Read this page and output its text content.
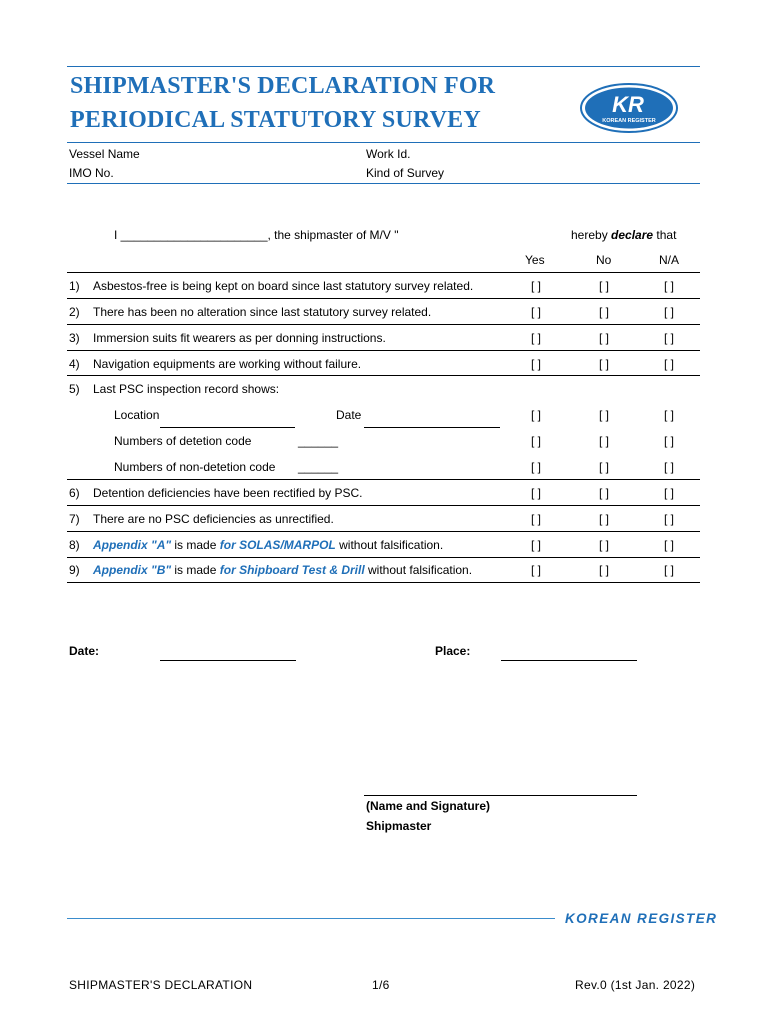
SHIPMASTER'S DECLARATION FOR
PERIODICAL STATUTORY SURVEY
KR
KOREAN REGISTER
Vessel Name	Work Id.
IMO No.	Kind of Survey
I ______________________, the shipmaster of M/V "	hereby declare that
Yes	No	N/A
1) Asbestos-free is being kept on board since last statutory survey related.	[ ]	[ ]	[ ]
2) There has been no alteration since last statutory survey related.	[ ]	[ ]	[ ]
3) Immersion suits fit wearers as per donning instructions.	[ ]	[ ]	[ ]
4) Navigation equipments are working without failure.	[ ]	[ ]	[ ]
5) Last PSC inspection record shows:
Location	Date	[ ]	[ ]	[ ]
Numbers of detetion code	______	[ ]	[ ]	[ ]
Numbers of non-detetion code ______	[ ]	[ ]	[ ]
6) Detention deficiencies have been rectified by PSC.	[ ]	[ ]	[ ]
7) There are no PSC deficiencies as unrectified.	[ ]	[ ]	[ ]
8) Appendix "A" is made for SOLAS/MARPOL without falsification.	[ ]	[ ]	[ ]
9) Appendix "B" is made for Shipboard Test & Drill without falsification.	[ ]	[ ]	[ ]
Date:	Place:
(Name and Signature)
Shipmaster
KOREAN REGISTER
SHIPMASTER'S DECLARATION	1/6	Rev.0 (1st Jan. 2022)
